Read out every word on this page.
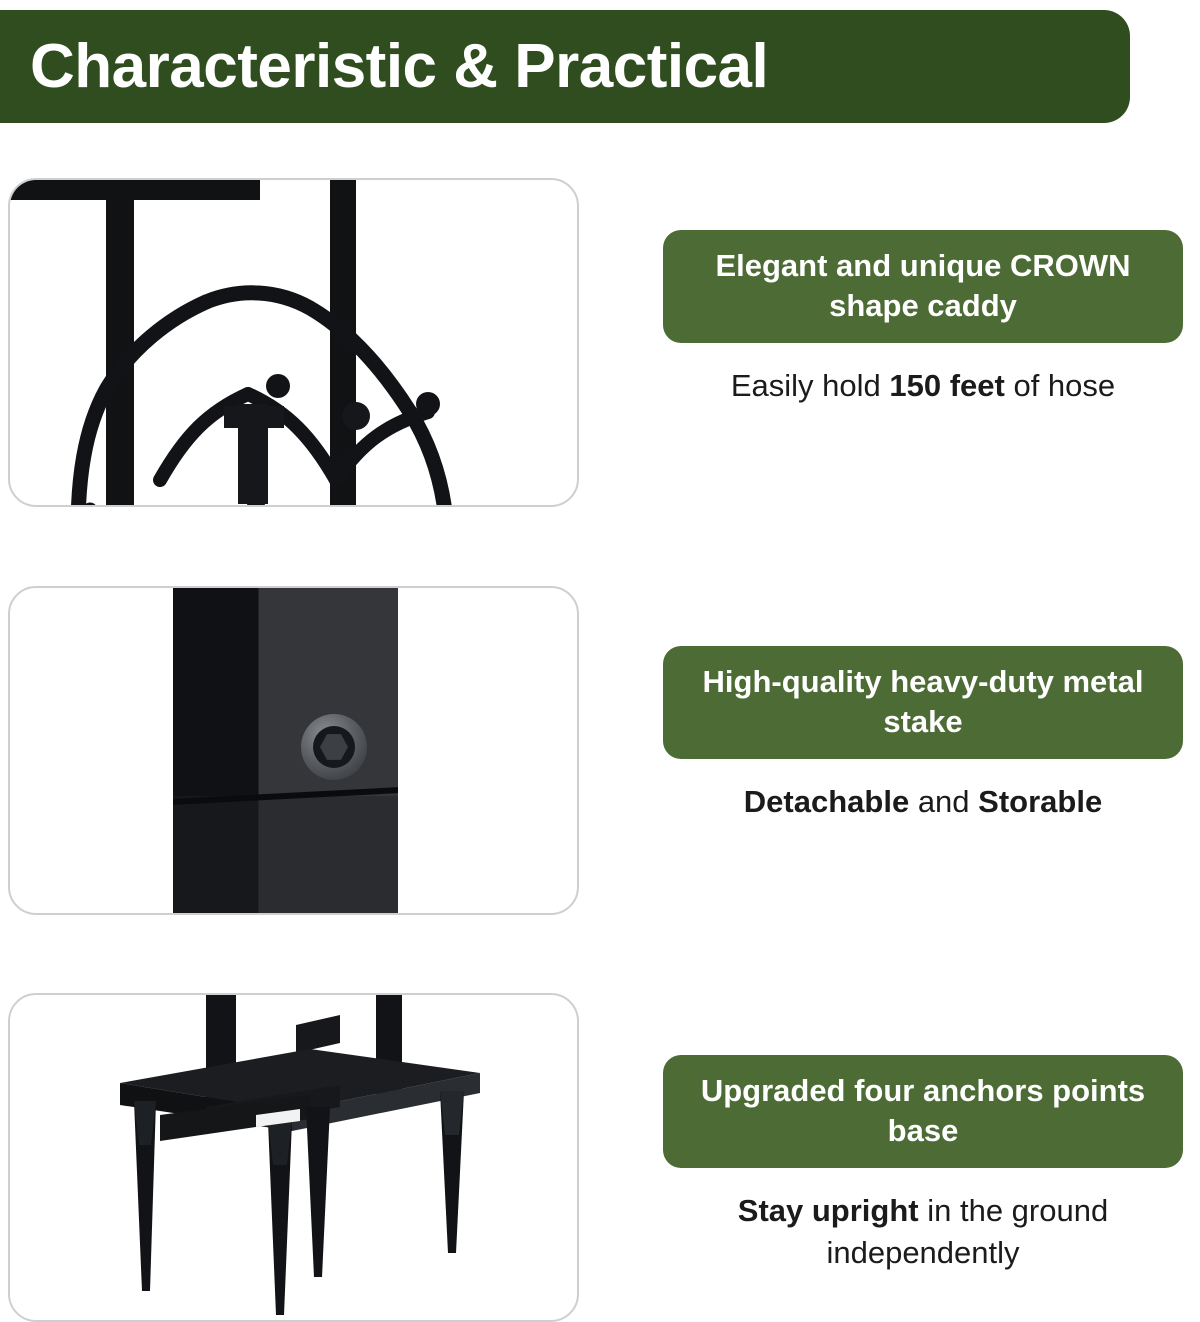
Characteristic & Practical
Elegant and unique CROWN shape caddy
Easily hold 150 feet of hose
High-quality heavy-duty metal stake
Detachable and Storable
Upgraded four anchors points base
Stay upright in the ground independently
